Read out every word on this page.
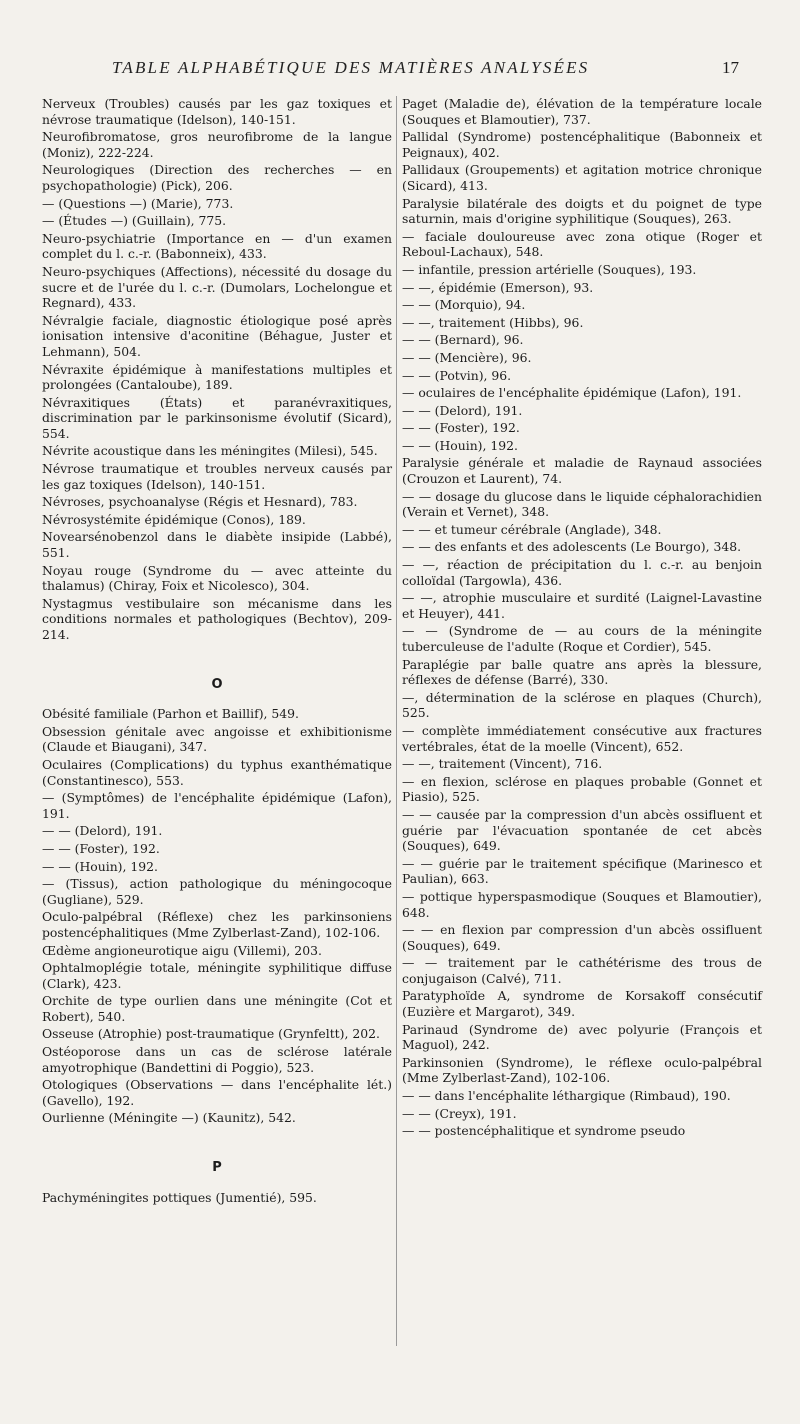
TABLE ALPHABÉTIQUE DES MATIÈRES ANALYSÉES	17

Nerveux (Troubles) causés par les gaz toxiques et névrose traumatique (Idelson), 140-151.

Neurofibromatose, gros neurofibrome de la langue (Moniz), 222-224.

Neurologiques (Direction des recherches — en psychopathologie) (Pick), 206.

— (Questions —) (Marie), 773.

— (Études —) (Guillain), 775.

Neuro-psychiatrie (Importance en — d'un examen complet du l. c.-r. (Babonneix), 433.

Neuro-psychiques (Affections), nécessité du dosage du sucre et de l'urée du l. c.-r. (Dumolars, Lochelongue et Regnard), 433.

Névralgie faciale, diagnostic étiologique posé après ionisation intensive d'aconitine (Béhague, Juster et Lehmann), 504.

Névraxite épidémique à manifestations multiples et prolongées (Cantaloube), 189.

Névraxitiques (États) et paranévraxitiques, discrimination par le parkinsonisme évolutif (Sicard), 554.

Névrite acoustique dans les méningites (Milesi), 545.

Névrose traumatique et troubles nerveux causés par les gaz toxiques (Idelson), 140-151.

Névroses, psychoanalyse (Régis et Hesnard), 783.

Névrosystémite épidémique (Conos), 189.

Novearsénobenzol dans le diabète insipide (Labbé), 551.

Noyau rouge (Syndrome du — avec atteinte du thalamus) (Chiray, Foix et Nicolesco), 304.

Nystagmus vestibulaire son mécanisme dans les conditions normales et pathologiques (Bechtov), 209-214.

O

Obésité familiale (Parhon et Baillif), 549.

Obsession génitale avec angoisse et exhibitionisme (Claude et Biaugani), 347.

Oculaires (Complications) du typhus exanthématique (Constantinesco), 553.

— (Symptômes) de l'encéphalite épidémique (Lafon), 191.

— — (Delord), 191.

— — (Foster), 192.

— — (Houin), 192.

— (Tissus), action pathologique du méningocoque (Gugliane), 529.

Oculo-palpébral (Réflexe) chez les parkinsoniens postencéphalitiques (Mme Zylberlast-Zand), 102-106.

Œdème angioneurotique aigu (Villemi), 203.

Ophtalmoplégie totale, méningite syphilitique diffuse (Clark), 423.

Orchite de type ourlien dans une méningite (Cot et Robert), 540.

Osseuse (Atrophie) post-traumatique (Grynfeltt), 202.

Ostéoporose dans un cas de sclérose latérale amyotrophique (Bandettini di Poggio), 523.

Otologiques (Observations — dans l'encéphalite lét.) (Gavello), 192.

Ourlienne (Méningite —) (Kaunitz), 542.

P

Pachyméningites pottiques (Jumentié), 595.

Paget (Maladie de), élévation de la température locale (Souques et Blamoutier), 737.

Pallidal (Syndrome) postencéphalitique (Babonneix et Peignaux), 402.

Pallidaux (Groupements) et agitation motrice chronique (Sicard), 413.

Paralysie bilatérale des doigts et du poignet de type saturnin, mais d'origine syphilitique (Souques), 263.

— faciale douloureuse avec zona otique (Roger et Reboul-Lachaux), 548.

— infantile, pression artérielle (Souques), 193.

— —, épidémie (Emerson), 93.

— — (Morquio), 94.

— —, traitement (Hibbs), 96.

— — (Bernard), 96.

— — (Mencière), 96.

— — (Potvin), 96.

— oculaires de l'encéphalite épidémique (Lafon), 191.

— — (Delord), 191.

— — (Foster), 192.

— — (Houin), 192.

Paralysie générale et maladie de Raynaud associées (Crouzon et Laurent), 74.

— — dosage du glucose dans le liquide céphalorachidien (Verain et Vernet), 348.

— — et tumeur cérébrale (Anglade), 348.

— — des enfants et des adolescents (Le Bourgo), 348.

— —, réaction de précipitation du l. c.-r. au benjoin colloïdal (Targowla), 436.

— —, atrophie musculaire et surdité (Laignel-Lavastine et Heuyer), 441.

— — (Syndrome de — au cours de la méningite tuberculeuse de l'adulte (Roque et Cordier), 545.

Paraplégie par balle quatre ans après la blessure, réflexes de défense (Barré), 330.

—, détermination de la sclérose en plaques (Church), 525.

— complète immédiatement consécutive aux fractures vertébrales, état de la moelle (Vincent), 652.

— —, traitement (Vincent), 716.

— en flexion, sclérose en plaques probable (Gonnet et Piasio), 525.

— — causée par la compression d'un abcès ossifluent et guérie par l'évacuation spontanée de cet abcès (Souques), 649.

— — guérie par le traitement spécifique (Marinesco et Paulian), 663.

— pottique hyperspasmodique (Souques et Blamoutier), 648.

— — en flexion par compression d'un abcès ossifluent (Souques), 649.

— — traitement par le cathétérisme des trous de conjugaison (Calvé), 711.

Paratyphoïde A, syndrome de Korsakoff consécutif (Euzière et Margarot), 349.

Parinaud (Syndrome de) avec polyurie (François et Maguol), 242.

Parkinsonien (Syndrome), le réflexe oculo-palpébral (Mme Zylberlast-Zand), 102-106.

— — dans l'encéphalite léthargique (Rimbaud), 190.

— — (Creyx), 191.

— — postencéphalitique et syndrome pseudo
